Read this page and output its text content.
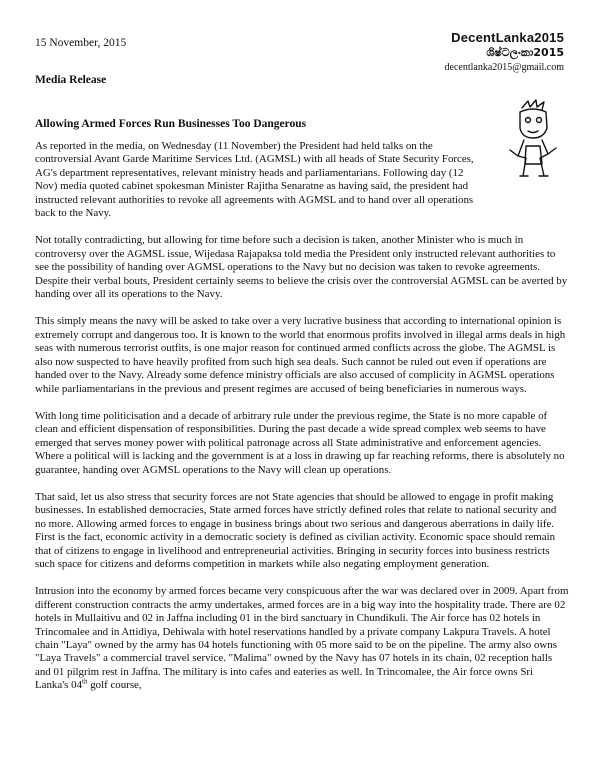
15 November, 2015	DecentLanka2015
ශිෂ්ටලංකා2015
decentlanka2015@gmail.com
Media Release
Allowing Armed Forces Run Businesses Too Dangerous

As reported in the media, on Wednesday (11 November) the President had held talks on the controversial Avant Garde Maritime Services Ltd. (AGMSL) with all heads of State Security Forces, AG's department representatives, relevant ministry heads and parliamentarians. Following day (12 Nov) media quoted cabinet spokesman Minister Rajitha Senaratne as having said, the president had instructed relevant authorities to revoke all agreements with AGMSL and to hand over all operations back to the Navy.

Not totally contradicting, but allowing for time before such a decision is taken, another Minister who is much in controversy over the AGMSL issue, Wijedasa Rajapaksa told media the President only instructed relevant authorities to see the possibility of handing over AGMSL operations to the Navy but no decision was taken to revoke agreements. Despite their verbal bouts, President certainly seems to believe the crisis over the controversial AGMSL can be averted by handing over all its operations to the Navy.

This simply means the navy will be asked to take over a very lucrative business that according to international opinion is extremely corrupt and dangerous too. It is known to the world that enormous profits involved in illegal arms deals in high seas with numerous terrorist outfits, is one major reason for continued armed conflicts across the globe. The AGMSL is also now suspected to have heavily profited from such high sea deals. Such cannot be ruled out even if operations are handed over to the Navy. Already some defence ministry officials are also accused of complicity in AGMSL operations while parliamentarians in the previous and present regimes are accused of being beneficiaries in numerous ways.

With long time politicisation and a decade of arbitrary rule under the previous regime, the State is no more capable of clean and efficient dispensation of responsibilities. During the past decade a wide spread complex web seems to have emerged that serves money power with political patronage across all State administrative and enforcement agencies. Where a political will is lacking and the government is at a loss in drawing up far reaching reforms, there is absolutely no guarantee, handing over AGMSL operations to the Navy will clean up operations.

That said, let us also stress that security forces are not State agencies that should be allowed to engage in profit making businesses. In established democracies, State armed forces have strictly defined roles that relate to national security and no more. Allowing armed forces to engage in business brings about two serious and dangerous aberrations in daily life. First is the fact, economic activity in a democratic society is defined as civilian activity. Economic space should remain that of citizens to engage in livelihood and entrepreneurial activities. Bringing in security forces into business restricts such space for citizens and deforms competition in markets while also negating employment generation.

Intrusion into the economy by armed forces became very conspicuous after the war was declared over in 2009. Apart from different construction contracts the army undertakes, armed forces are in a big way into the hospitality trade. There are 02 hotels in Mullaitivu and 02 in Jaffna including 01 in the bird sanctuary in Chundikuli. The Air force has 02 hotels in Trincomalee and in Attidiya, Dehiwala with hotel reservations handled by a private company Lakpura Travels. A hotel chain "Laya" owned by the army has 04 hotels functioning with 05 more said to be on the pipeline. The army also owns "Laya Travels" a commercial travel service. "Malima" owned by the Navy has 07 hotels in its chain, 02 reception halls and 01 pilgrim rest in Jaffna. The military is into cafes and eateries as well. In Trincomalee, the Air force owns Sri Lanka's 04th golf course,
